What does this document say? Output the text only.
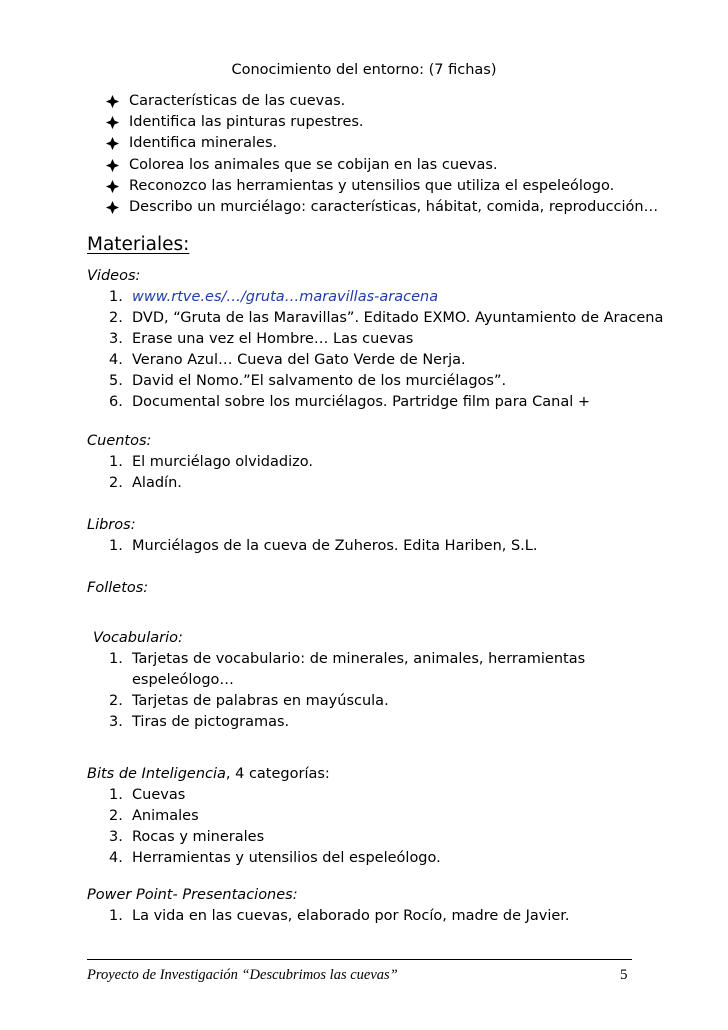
Conocimiento del entorno: (7 fichas)
Características de las cuevas.
Identifica las pinturas rupestres.
Identifica minerales.
Colorea los animales que se cobijan en las cuevas.
Reconozco las herramientas y utensilios que utiliza el espeleólogo.
Describo un murciélago: características, hábitat, comida, reproducción…
Materiales:
Videos:
1. www.rtve.es/…/gruta…maravillas-aracena
2. DVD, “Gruta de las Maravillas”. Editado EXMO. Ayuntamiento de Aracena
3. Erase una vez el Hombre… Las cuevas
4. Verano Azul… Cueva del Gato Verde de Nerja.
5. David el Nomo.”El salvamento de los murciélagos”.
6. Documental sobre los murciélagos. Partridge film para Canal +
Cuentos:
1. El murciélago olvidadizo.
2. Aladín.
Libros:
1. Murciélagos de la cueva de Zuheros. Edita Hariben, S.L.
Folletos:
Vocabulario:
1. Tarjetas de vocabulario: de minerales, animales, herramientas espeleólogo…
2. Tarjetas de palabras en mayúscula.
3. Tiras de pictogramas.
Bits de Inteligencia, 4 categorías:
1. Cuevas
2. Animales
3. Rocas y minerales
4. Herramientas y utensilios del espeleólogo.
Power Point- Presentaciones:
1. La vida en las cuevas, elaborado por Rocío, madre de Javier.
Proyecto de Investigación “Descubrimos las cuevas”	5
